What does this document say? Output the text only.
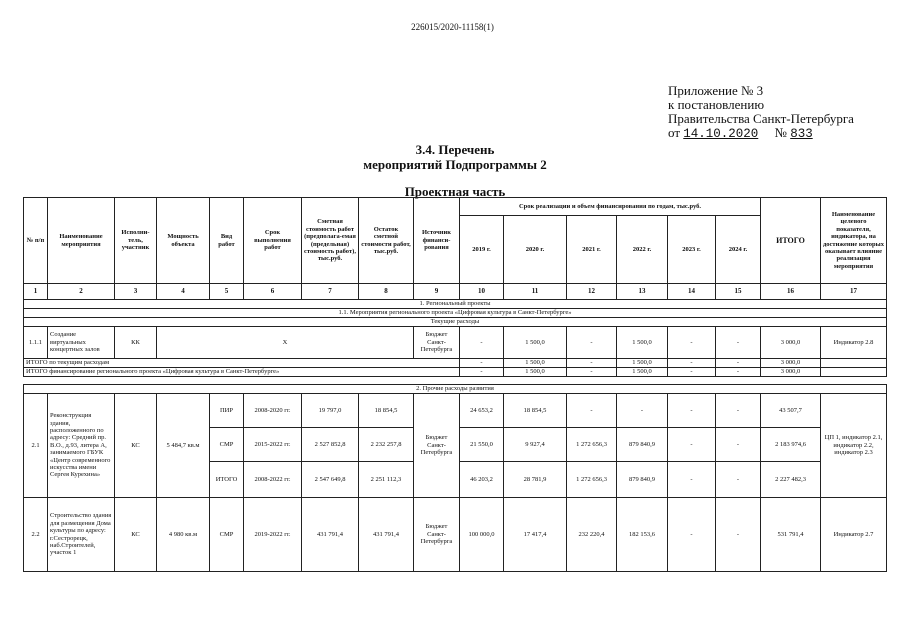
226015/2020-11158(1)
Приложение № 3
к постановлению
Правительства Санкт-Петербурга
от 14.10.2020 № 833
3.4. Перечень
мероприятий Подпрограммы 2
Проектная часть
№ п/п	Наименование мероприятия	Исполни-тель, участник	Мощность объекта	Вид работ	Срок выполнения работ	Сметная стоимость работ (предполага-емая (предельная) стоимость работ), тыс.руб.	Остаток сметной стоимости работ, тыс.руб.	Источник финанси-рования	Срок реализации и объем финансирования по годам, тыс.руб.						ИТОГО	Наименование целевого показателя, индикатора, на достижение которых оказывает влияние реализация мероприятия
									2019 г.	2020 г.	2021 г.	2022 г.	2023 г.	2024 г.		
1	2	3	4	5	6	7	8	9	10	11	12	13	14	15	16	17
1. Региональный проекты																
1.1. Мероприятия регионального проекта «Цифровая культура в Санкт-Петербурге»																
Текущие расходы																
1.1.1	Создание виртуальных концертных залов	КК	Х					Бюджет Санкт-Петербурга	-	1 500,0	-	1 500,0	-	-	3 000,0	Индикатор 2.8
ИТОГО по текущим расходам									-	1 500,0	-	1 500,0	-	-	3 000,0	
ИТОГО финансирование регионального проекта «Цифровая культура в Санкт-Петербурге»									-	1 500,0	-	1 500,0	-	-	3 000,0	

2. Прочие расходы развития																
2.1	Реконструкция здания, расположенного по адресу: Средний пр. В.О., д.93, литера А, занимаемого ГБУК «Центр современного искусства имени Сергея Курехина»	КС	5 484,7 кв.м	ПИР	2008-2020 гг.	19 797,0	18 854,5	Бюджет Санкт-Петербурга	24 653,2	18 854,5	-	-	-	-	43 507,7	ЦП 1, индикатор 2.1, индикатор 2.2, индикатор 2.3
				СМР	2015-2022 гг.	2 527 852,8	2 232 257,8		21 550,0	9 927,4	1 272 656,3	879 840,9	-	-	2 183 974,6	
				ИТОГО	2008-2022 гг.	2 547 649,8	2 251 112,3		46 203,2	28 781,9	1 272 656,3	879 840,9	-	-	2 227 482,3	
2.2	Строительство здания для размещения Дома культуры по адресу: г.Сестрорецк, наб.Строителей, участок 1	КС	4 980 кв.м	СМР	2019-2022 гг.	431 791,4	431 791,4	Бюджет Санкт-Петербурга	100 000,0	17 417,4	232 220,4	182 153,6	-	-	531 791,4	Индикатор 2.7
